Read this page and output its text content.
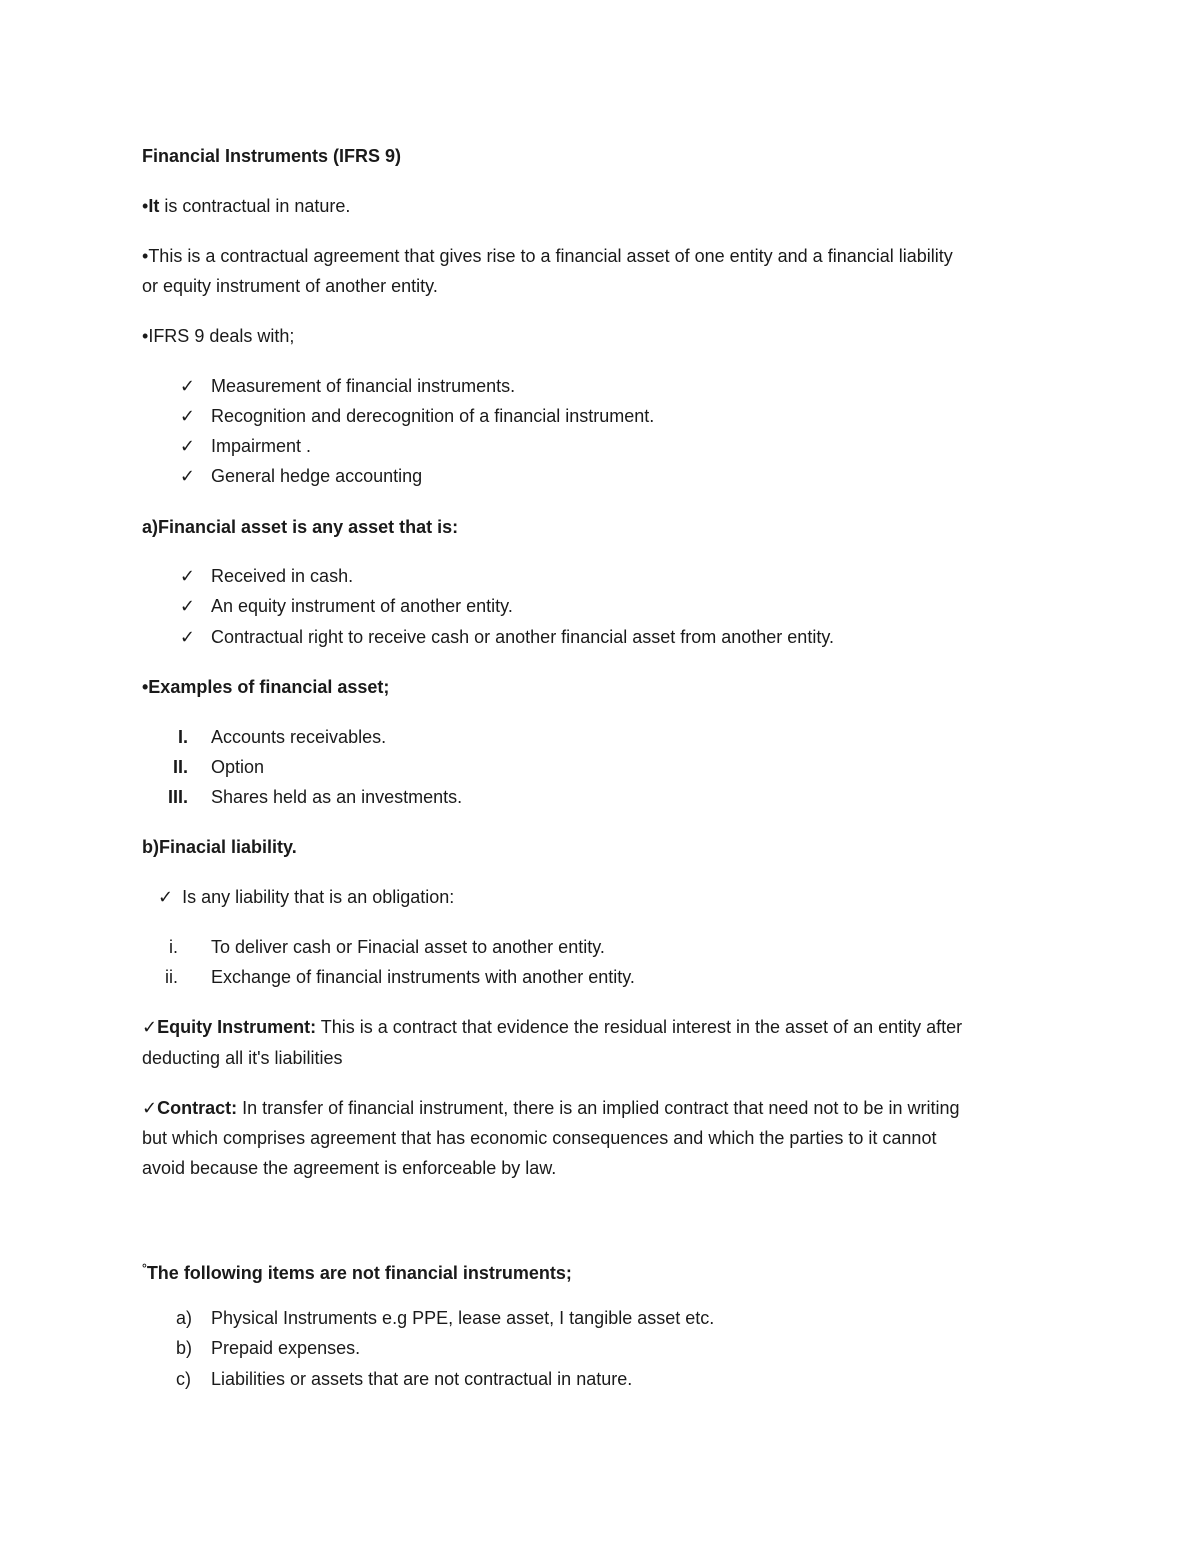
Financial Instruments (IFRS 9)
•It is contractual in nature.
•This is a contractual agreement that gives rise to a financial asset of one entity and a financial liability
or equity instrument of another entity.
•IFRS 9 deals with;
✓ Measurement of financial instruments.
✓ Recognition and derecognition of a financial instrument.
✓ Impairment .
✓ General hedge accounting
a)Financial asset is any asset that is:
✓ Received in cash.
✓ An equity instrument of another entity.
✓ Contractual right to receive cash or another financial asset from another entity.
•Examples of financial asset;
I. Accounts receivables.
II. Option
III. Shares held as an investments.
b)Finacial liability.
✓ Is any liability that is an obligation:
i. To deliver cash or Finacial asset to another entity.
ii. Exchange of financial instruments with another entity.
✓Equity Instrument: This is a contract that evidence the residual interest in the asset of an entity after
deducting all it's liabilities
✓Contract: In transfer of financial instrument, there is an implied contract that need not to be in writing
but which comprises agreement that has economic consequences and which the parties to it cannot
avoid because the agreement is enforceable by law.
°The following items are not financial instruments;
a)	Physical Instruments e.g PPE, lease asset, I tangible asset etc.
b)	Prepaid expenses.
c)	Liabilities or assets that are not contractual in nature.
